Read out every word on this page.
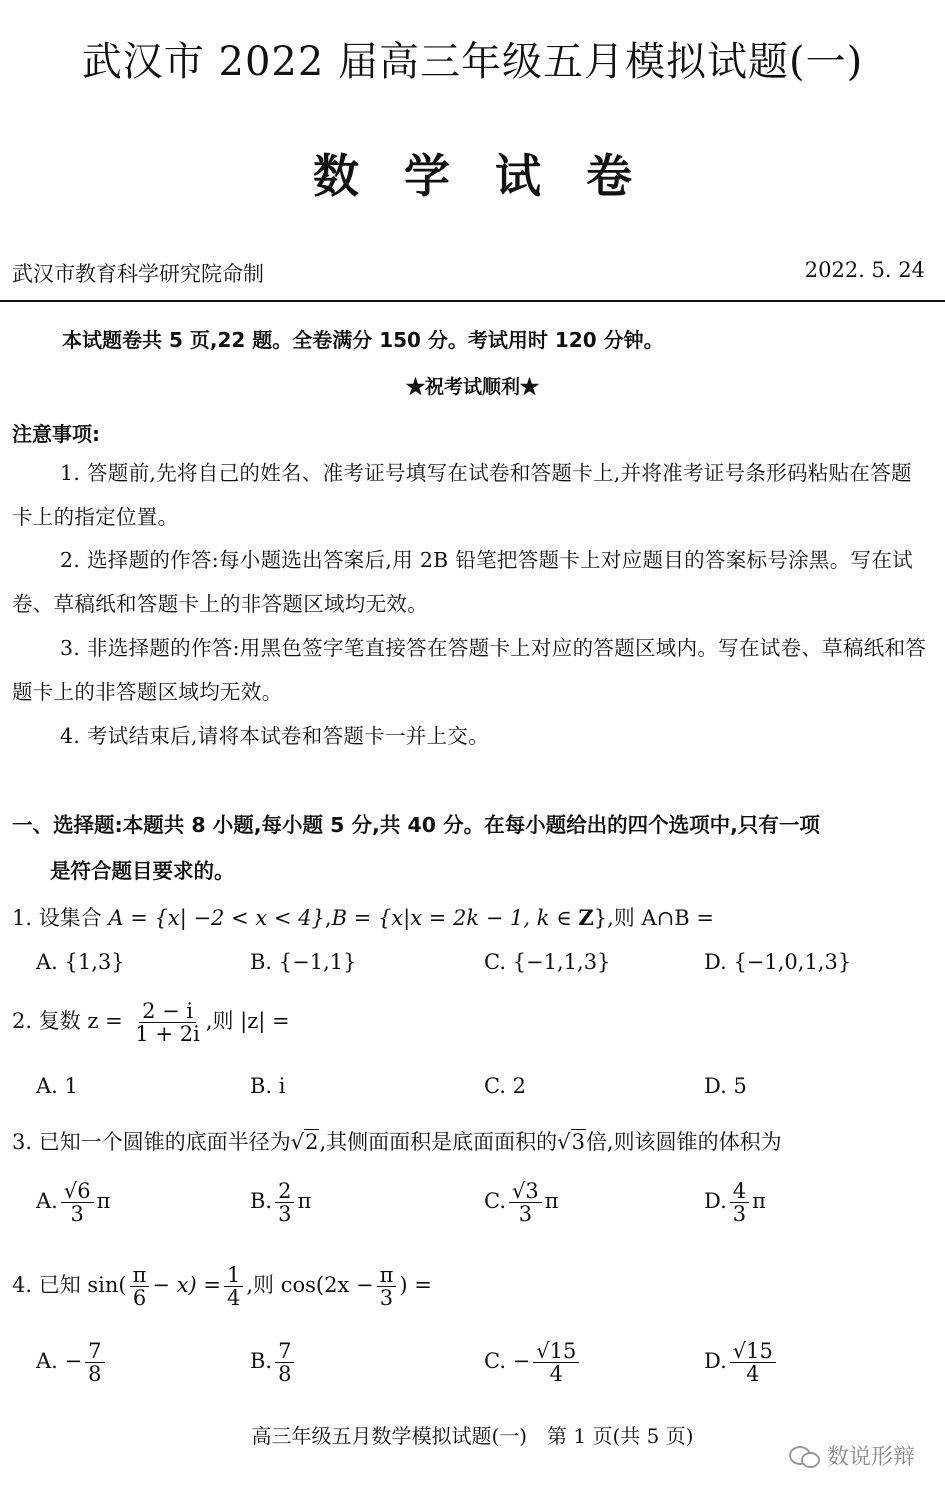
武汉市 2022 届高三年级五月模拟试题(一)
数学试卷
武汉市教育科学研究院命制	2022. 5. 24
本试题卷共 5 页,22 题。全卷满分 150 分。考试用时 120 分钟。
★祝考试顺利★
注意事项:
1. 答题前,先将自己的姓名、准考证号填写在试卷和答题卡上,并将准考证号条形码粘贴在答题卡上的指定位置。
2. 选择题的作答:每小题选出答案后,用 2B 铅笔把答题卡上对应题目的答案标号涂黑。写在试卷、草稿纸和答题卡上的非答题区域均无效。
3. 非选择题的作答:用黑色签字笔直接答在答题卡上对应的答题区域内。写在试卷、草稿纸和答题卡上的非答题区域均无效。
4. 考试结束后,请将本试卷和答题卡一并上交。
一、选择题:本题共 8 小题,每小题 5 分,共 40 分。在每小题给出的四个选项中,只有一项
是符合题目要求的。
1. 设集合 A = {x| −2 < x < 4},B = {x|x = 2k − 1, k ∈ Z},则 A∩B =
A. {1,3}	B. {−1,1}	C. {−1,1,3}	D. {−1,0,1,3}
2. 复数 $z = \frac{2 - i}{1 + 2i}$ ,则 |z| =
A. 1	B. i	C. 2	D. 5
3. 已知一个圆锥的底面半径为√2,其侧面面积是底面面积的√3倍,则该圆锥的体积为
A. $\frac{√6}{3}$ π	B. $\frac{2}{3}$ π	C. $\frac{√3}{3}$ π	D. $\frac{4}{3}$ π
4. 已知 $\sin( \frac{\pi}{6} - x) = \frac{1}{4}$ ,则 $\cos(2x - \frac{\pi}{3}$ ) =
A. − $\frac{7}{8}$	B. $\frac{7}{8}$	C. − $\frac{√15}{4}$	D. $\frac{√15}{4}$
高三年级五月数学模拟试题(一)　第 1 页(共 5 页)
数说形辩
